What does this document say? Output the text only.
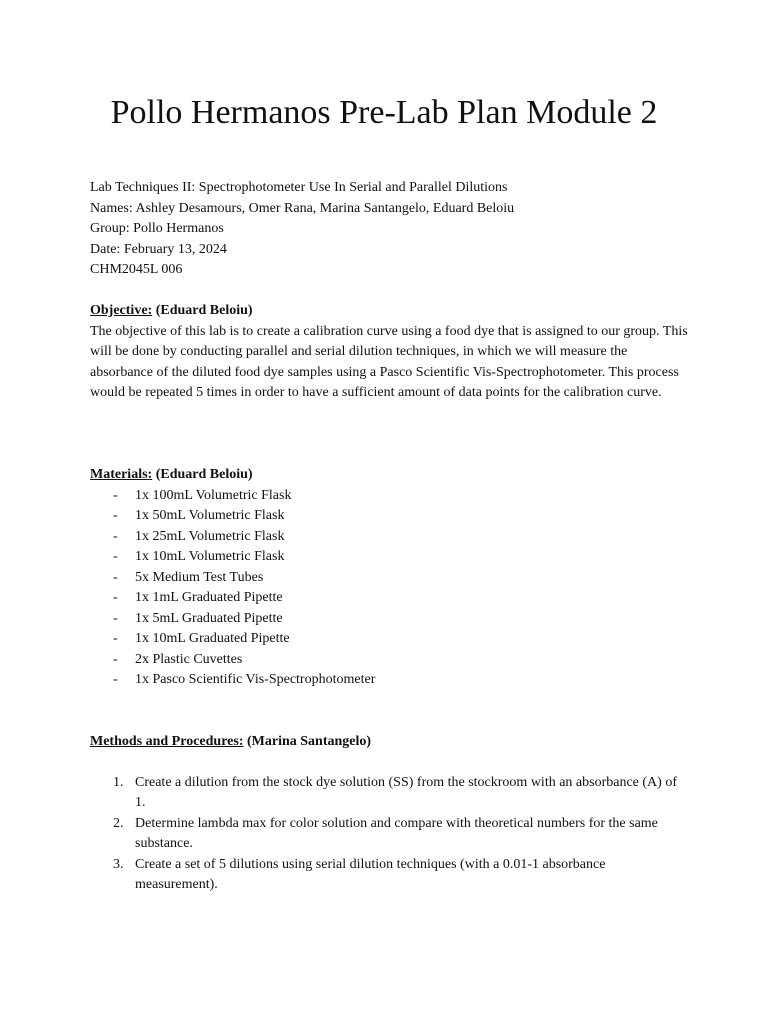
Pollo Hermanos Pre-Lab Plan Module 2
Lab Techniques II: Spectrophotometer Use In Serial and Parallel Dilutions
Names: Ashley Desamours, Omer Rana, Marina Santangelo, Eduard Beloiu
Group: Pollo Hermanos
Date: February 13, 2024
CHM2045L 006
Objective: (Eduard Beloiu)

The objective of this lab is to create a calibration curve using a food dye that is assigned to our group. This will be done by conducting parallel and serial dilution techniques, in which we will measure the absorbance of the diluted food dye samples using a Pasco Scientific Vis-Spectrophotometer. This process would be repeated 5 times in order to have a sufficient amount of data points for the calibration curve.

Materials: (Eduard Beloiu)
- 1x 100mL Volumetric Flask
- 1x 50mL Volumetric Flask
- 1x 25mL Volumetric Flask
- 1x 10mL Volumetric Flask
- 5x Medium Test Tubes
- 1x 1mL Graduated Pipette
- 1x 5mL Graduated Pipette
- 1x 10mL Graduated Pipette
- 2x Plastic Cuvettes
- 1x Pasco Scientific Vis-Spectrophotometer
Methods and Procedures: (Marina Santangelo)
1. Create a dilution from the stock dye solution (SS) from the stockroom with an absorbance (A) of 1.
2. Determine lambda max for color solution and compare with theoretical numbers for the same substance.
3. Create a set of 5 dilutions using serial dilution techniques (with a 0.01-1 absorbance measurement).
